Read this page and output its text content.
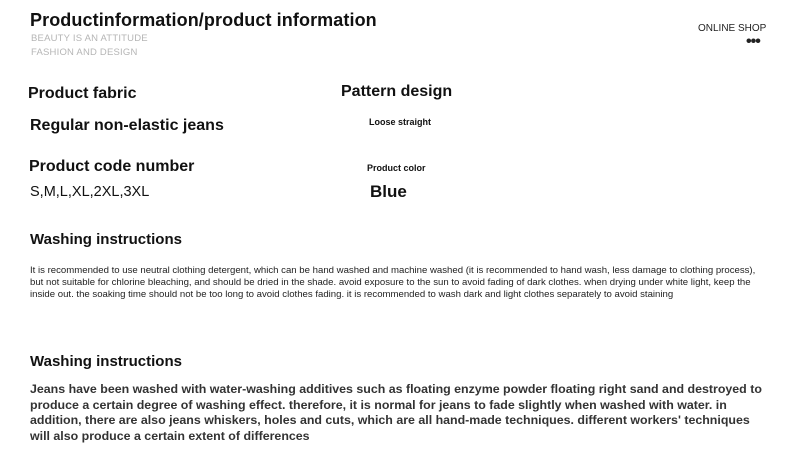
Productinformation/product information
BEAUTY IS AN ATTITUDE
FASHION AND DESIGN
ONLINE SHOP
•••
Product fabric
Regular non-elastic jeans
Pattern design
Loose straight
Product code number
S,M,L,XL,2XL,3XL
Product color
Blue
Washing instructions
It is recommended to use neutral clothing detergent, which can be hand washed and machine washed (it is recommended to hand wash, less damage to clothing process), but not suitable for chlorine bleaching, and should be dried in the shade. avoid exposure to the sun to avoid fading of dark clothes. when drying under white light, keep the inside out. the soaking time should not be too long to avoid clothes fading. it is recommended to wash dark and light clothes separately to avoid staining
Washing instructions
Jeans have been washed with water-washing additives such as floating enzyme powder floating right sand and destroyed to produce a certain degree of washing effect. therefore, it is normal for jeans to fade slightly when washed with water. in addition, there are also jeans whiskers, holes and cuts, which are all hand-made techniques. different workers' techniques will also produce a certain extent of differences
